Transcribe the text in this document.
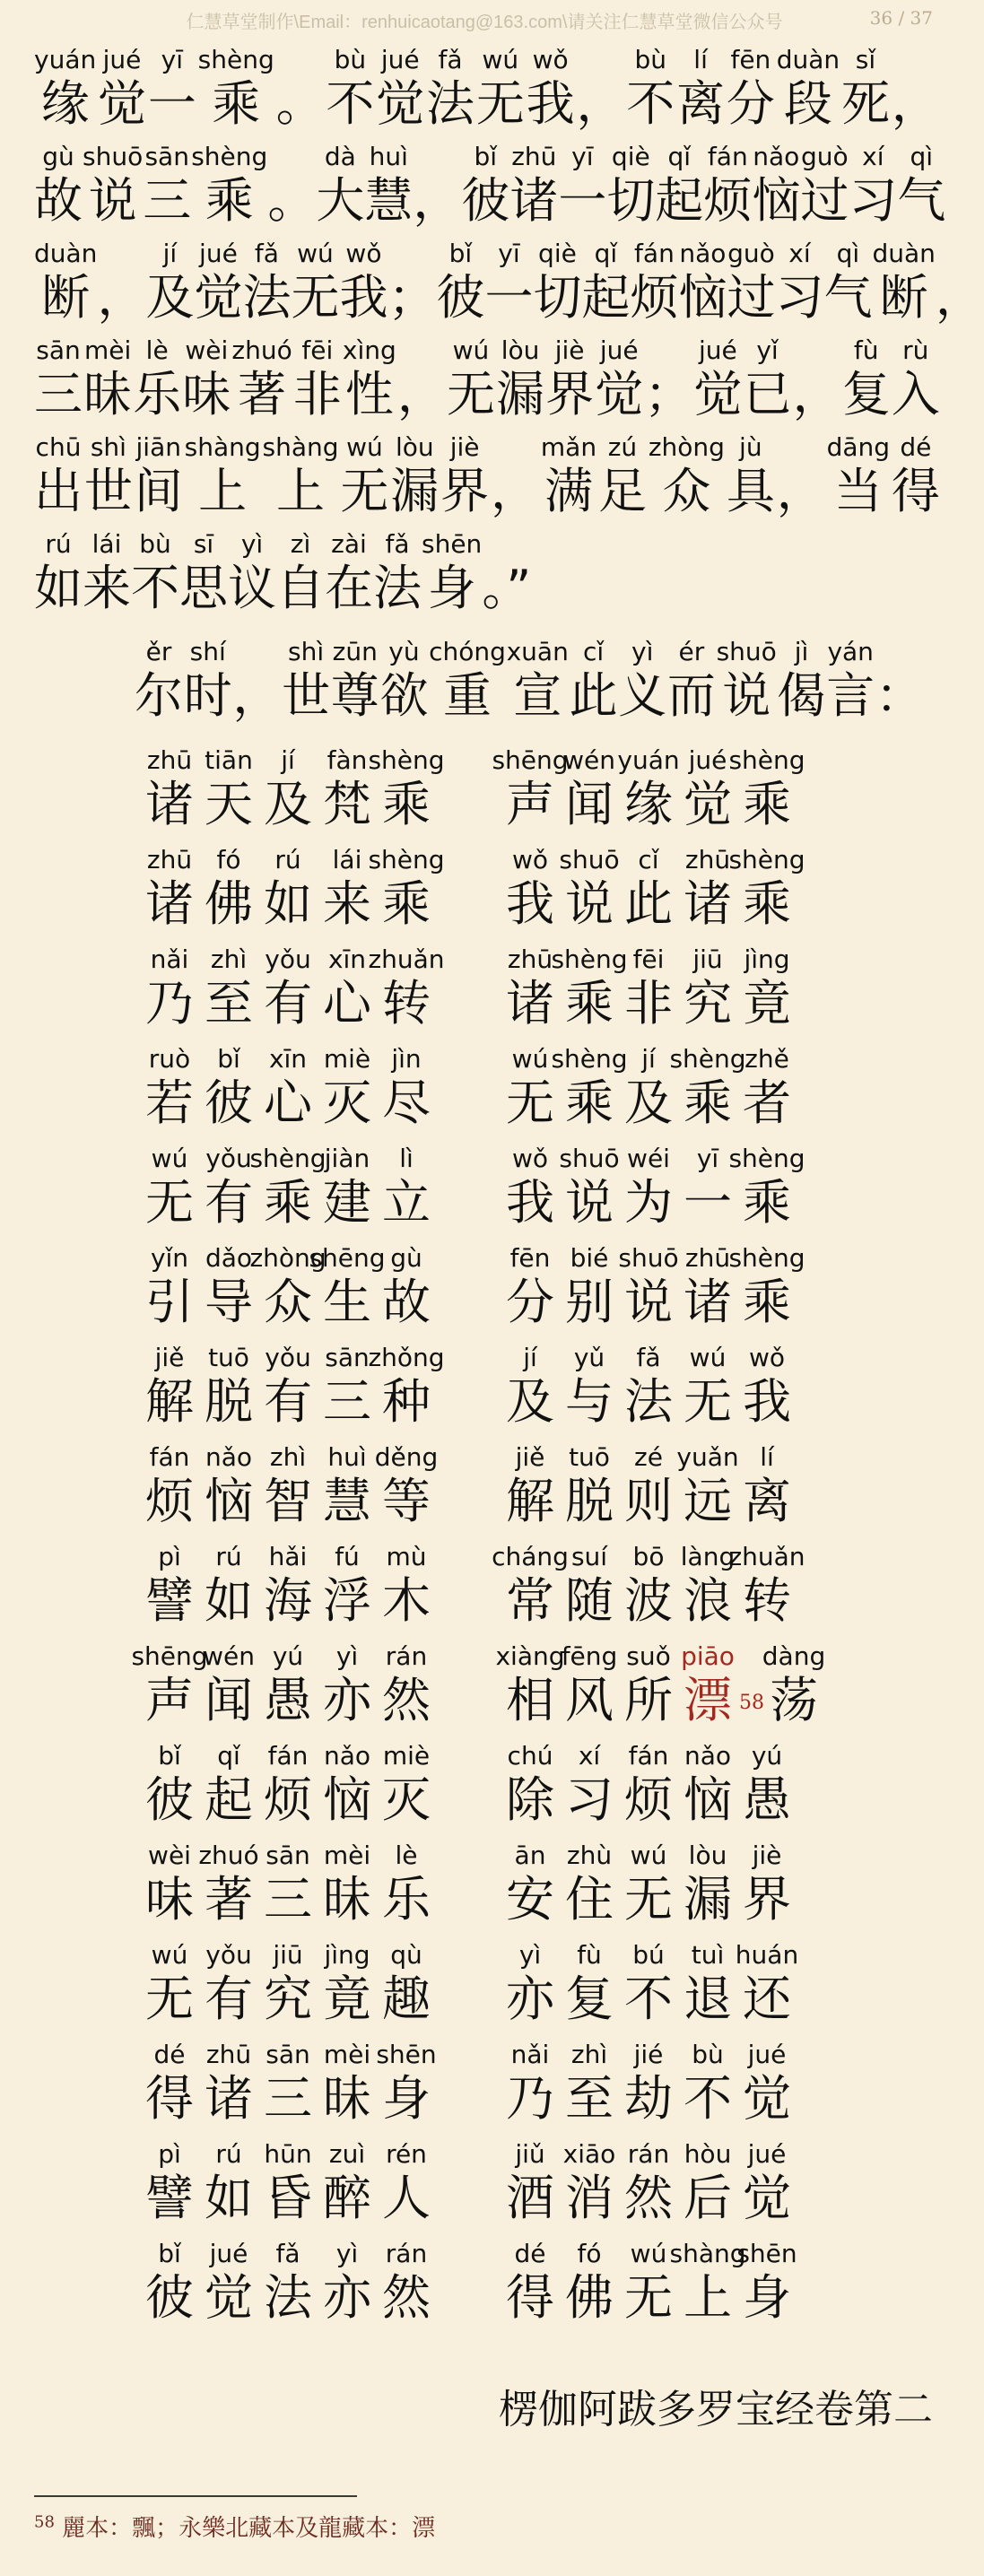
仁慧草堂制作\Email：renhuicaotang@163.com\请关注仁慧草堂微信公众号	36 / 37
yuán
缘
jué
觉
yī
一
shèng
乘 。
bù
不
jué
觉
fǎ
法
wú
无
wǒ
我 ，
bù
不
lí
离
fēn
分
duàn
段
sǐ
死 ，
gù
故
shuō
说
sān
三
shèng
乘 。
dà
大
huì
慧 ，
bǐ
彼
zhū
诸
yī
一
qiè
切
qǐ
起
fán
烦
nǎo
恼
guò
过
xí
习
qì
气
duàn
断 ，
jí
及
jué
觉
fǎ
法
wú
无
wǒ
我 ；
bǐ
彼
yī
一
qiè
切
qǐ
起
fán
烦
nǎo
恼
guò
过
xí
习
qì
气
duàn
断 ，
sān
三
mèi
昧
lè
乐
wèi
味
zhuó
著
fēi
非
xìng
性 ，
wú
无
lòu
漏
jiè
界
jué
觉 ；
jué
觉
yǐ
已 ，
fù
复
rù
入
chū
出
shì
世
jiān
间
shàng
上
shàng
上
wú
无
lòu
漏
jiè
界 ，
mǎn
满
zú
足
zhòng
众
jù
具 ，
dāng
当
dé
得
rú
如
lái
来
bù
不
sī
思
yì
议
zì
自
zài
在
fǎ
法
shēn
身 。”
ěr
尔
shí
时 ，
shì
世
zūn
尊
yù
欲
chóng
重
xuān
宣
cǐ
此
yì
义
ér
而
shuō
说
jì
偈
yán
言 ：
zhū
诸
tiān
天
jí
及
fàn
梵
shèng
乘
shēng
声
wén
闻
yuán
缘
jué
觉
shèng
乘
zhū
诸
fó
佛
rú
如
lái
来
shèng
乘
wǒ
我
shuō
说
cǐ
此
zhū
诸
shèng
乘
nǎi
乃
zhì
至
yǒu
有
xīn
心
zhuǎn
转
zhū
诸
shèng
乘
fēi
非
jiū
究
jìng
竟
ruò
若
bǐ
彼
xīn
心
miè
灭
jìn
尽
wú
无
shèng
乘
jí
及
shèng
乘
zhě
者
wú
无
yǒu
有
shèng
乘
jiàn
建
lì
立
wǒ
我
shuō
说
wéi
为
yī
一
shèng
乘
yǐn
引
dǎo
导
zhòng
众
shēng
生
gù
故
fēn
分
bié
别
shuō
说
zhū
诸
shèng
乘
jiě
解
tuō
脱
yǒu
有
sān
三
zhǒng
种
jí
及
yǔ
与
fǎ
法
wú
无
wǒ
我
fán
烦
nǎo
恼
zhì
智
huì
慧
děng
等
jiě
解
tuō
脱
zé
则
yuǎn
远
lí
离
pì
譬
rú
如
hǎi
海
fú
浮
mù
木
cháng
常
suí
随
bō
波
làng
浪
zhuǎn
转
shēng
声
wén
闻
yú
愚
yì
亦
rán
然
xiàng
相
fēng
风
suǒ
所
piāo
漂 58
dàng
荡
bǐ
彼
qǐ
起
fán
烦
nǎo
恼
miè
灭
chú
除
xí
习
fán
烦
nǎo
恼
yú
愚
wèi
味
zhuó
著
sān
三
mèi
昧
lè
乐
ān
安
zhù
住
wú
无
lòu
漏
jiè
界
wú
无
yǒu
有
jiū
究
jìng
竟
qù
趣
yì
亦
fù
复
bú
不
tuì
退
huán
还
dé
得
zhū
诸
sān
三
mèi
昧
shēn
身
nǎi
乃
zhì
至
jié
劫
bù
不
jué
觉
pì
譬
rú
如
hūn
昏
zuì
醉
rén
人
jiǔ
酒
xiāo
消
rán
然
hòu
后
jué
觉
bǐ
彼
jué
觉
fǎ
法
yì
亦
rán
然
dé
得
fó
佛
wú
无
shàng
上
shēn
身
楞伽阿跋多罗宝经卷第二
$^{58}$ 麗本：飄；永樂北藏本及龍藏本：漂
